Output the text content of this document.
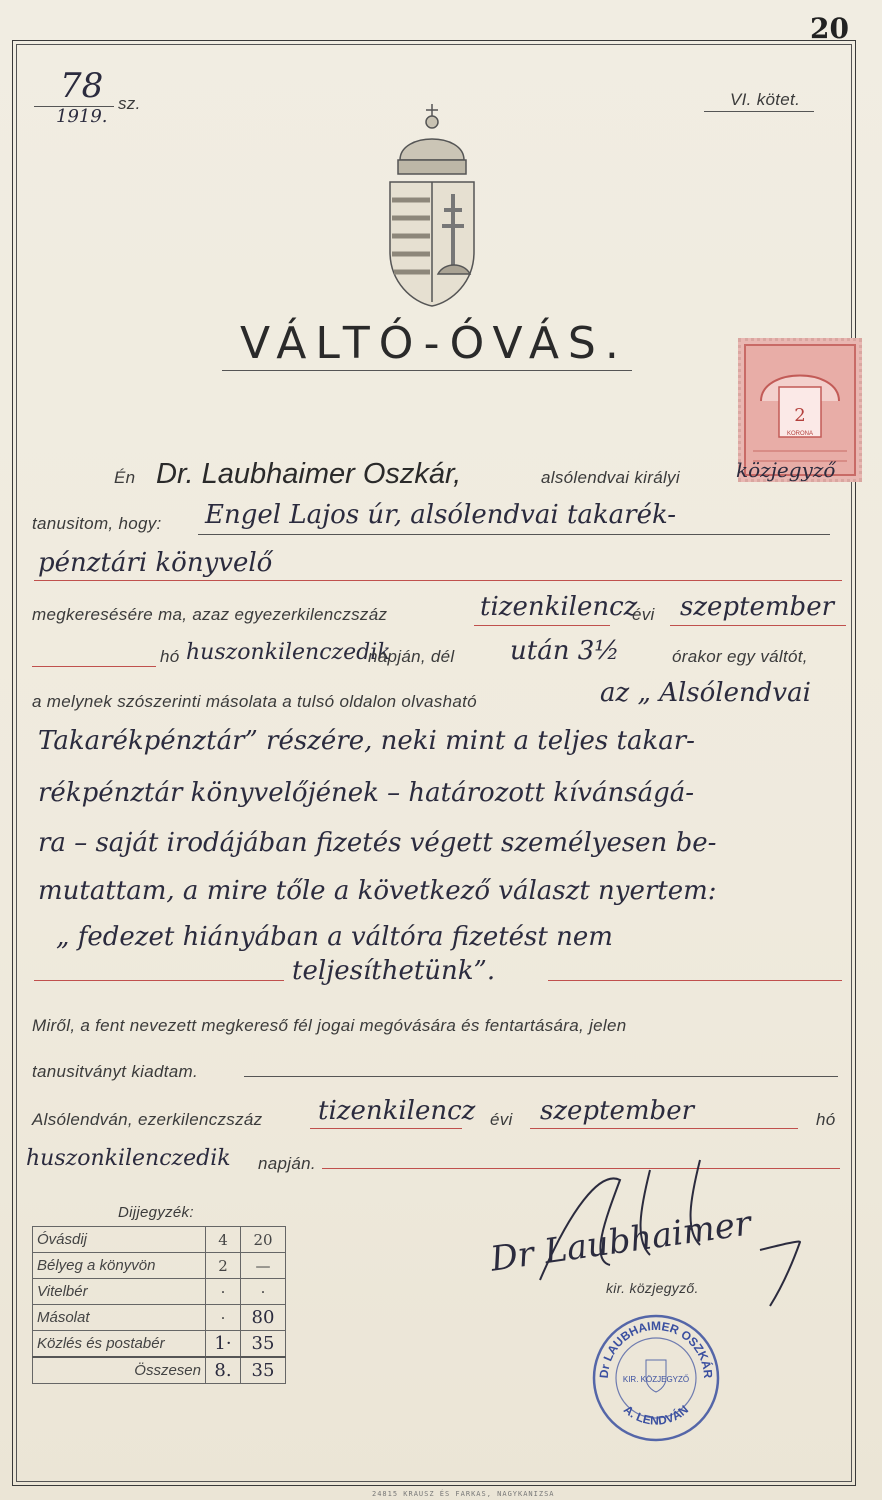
20
78 sz.
1919.
VI. kötet.
VÁLTÓ-ÓVÁS.
2
KORONA
Én Dr. Laubhaimer Oszkár,	alsólendvai királyi	közjegyző
tanusitom, hogy: Engel Lajos úr, alsólendvai takarék-
pénztári könyvelő
megkeresésére ma, azaz egyezerkilenczszáz	tizenkilencz
évi szeptember
hó huszonkilenczedik
napján, dél után 3½	órakor egy váltót,
a melynek szószerinti másolata a tulsó oldalon olvasható	az „ Alsólendvai
Takarékpénztár” részére, neki mint a teljes takar-
rékpénztár könyvelőjének – határozott kívánságá-
ra – saját irodájában fizetés végett személyesen be-
mutattam, a mire tőle a következő választ nyertem:
„ fedezet hiányában a váltóra fizetést nem
teljesíthetünk”.
Miről, a fent nevezett megkereső fél jogai megóvására és fentartására, jelen
tanusitványt kiadtam.
Alsólendván, ezerkilenczszáz tizenkilencz évi szeptember	hó
huszonkilenczedik napján.
Dijjegyzék:
Óvásdij	4	20
Bélyeg a könyvön	2	—
Vitelbér	·	·
Másolat	·	80
Közlés és postabér	1·	35
Összesen	8.	35
Dr Laubhaimer
kir. közjegyző.
Dr LAUBHAIMER OSZKÁR
A. LENDVÁN
KIR. KÖZJEGYZŐ
24815 KRAUSZ ÉS FARKAS, NAGYKANIZSA
